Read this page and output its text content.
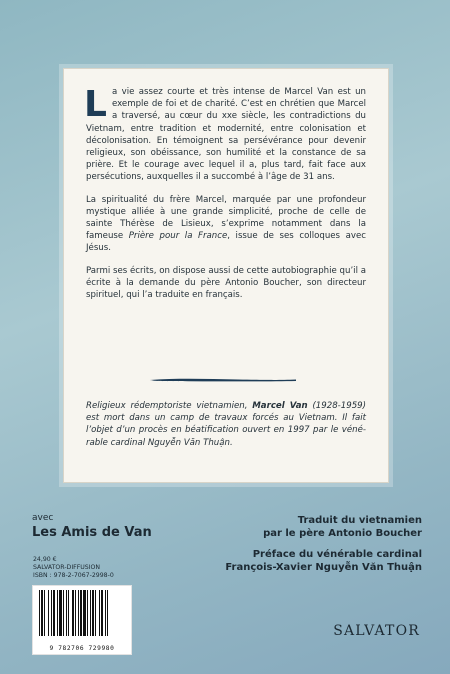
La vie assez courte et très intense de Marcel Van est un exemple de foi et de charité. C’est en chrétien que Marcel a traversé, au cœur du xxe siècle, les contradictions du Vietnam, entre tradition et modernité, entre colonisation et décolonisation. En témoignent sa persévérance pour devenir religieux, son obéissance, son humilité et la constance de sa prière. Et le courage avec lequel il a, plus tard, fait face aux persécutions, auxquelles il a succombé à l’âge de 31 ans.

La spiritualité du frère Marcel, marquée par une profondeur mystique alliée à une grande simplicité, proche de celle de sainte Thérèse de Lisieux, s’exprime notamment dans la fameuse Prière pour la France, issue de ses colloques avec Jésus.

Parmi ses écrits, on dispose aussi de cette autobiographie qu’il a écrite à la demande du père Antonio Boucher, son directeur spirituel, qui l’a traduite en français.

Religieux rédemptoriste vietnamien, Marcel Van (1928-1959) est mort dans un camp de travaux forcés au Vietnam. Il fait l’objet d’un procès en béatification ouvert en 1997 par le vénérable cardinal Nguyễn Văn Thuận.
avec
Les Amis de Van
24,90 €
SALVATOR-DIFFUSION
ISBN : 978-2-7067-2998-0
9 782706 729980
Traduit du vietnamien
par le père Antonio Boucher
Préface du vénérable cardinal
François-Xavier Nguyễn Văn Thuận
SALVATOR
